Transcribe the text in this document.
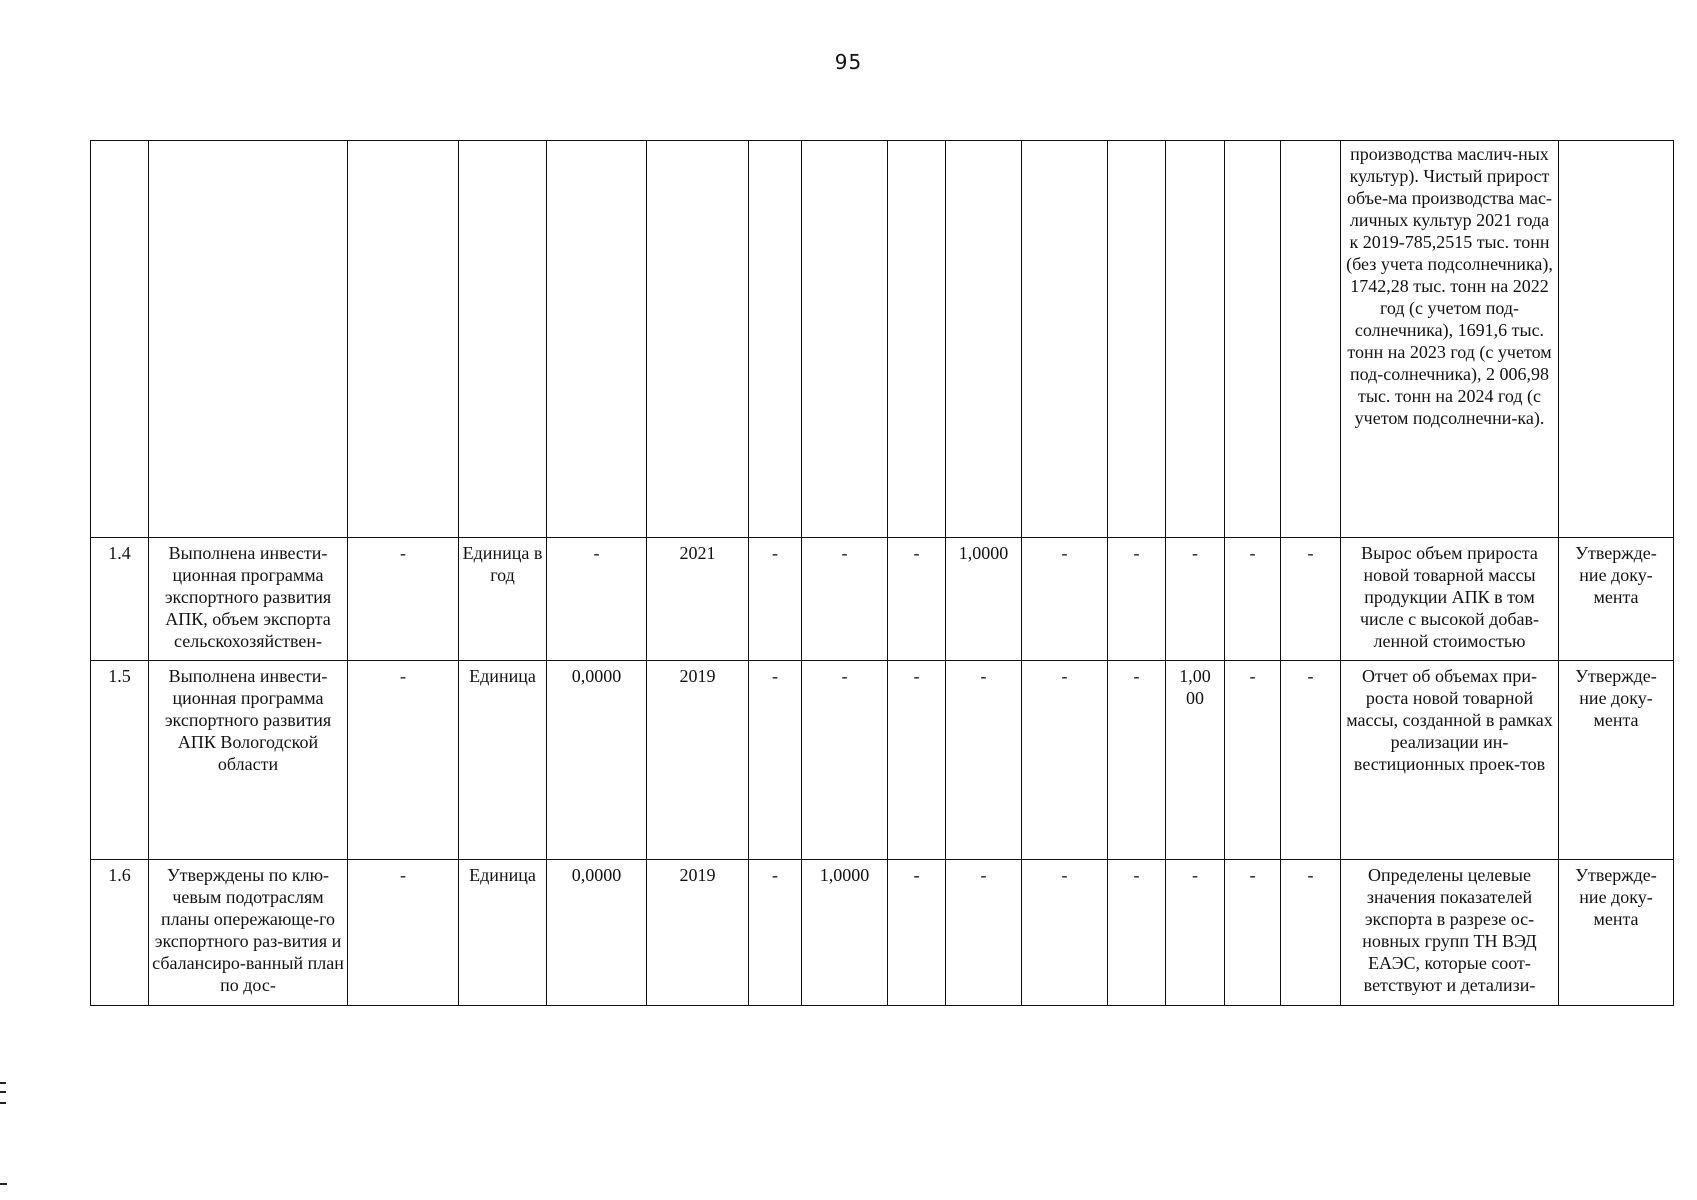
95
															производства маслич-ных культур). Чистый прирост объе-ма производства мас-личных культур 2021 года к 2019-785,2515 тыс. тонн (без учета подсолнечника), 1742,28 тыс. тонн на 2022 год (с учетом под-солнечника), 1691,6 тыс. тонн на 2023 год (с учетом под-солнечника), 2 006,98 тыс. тонн на 2024 год (с учетом подсолнечни-ка).	
1.4	Выполнена инвести-ционная программа экспортного развития АПК, объем экспорта сельскохозяйствен-	-	Единица в год	-	2021	-	-	-	1,0000	-	-	-	-	-	Вырос объем прироста новой товарной массы продукции АПК в том числе с высокой добав-ленной стоимостью	Утвержде-ние доку-мента
1.5	Выполнена инвести-ционная программа экспортного развития АПК Вологодской области	-	Единица	0,0000	2019	-	-	-	-	-	-	1,00 00	-	-	Отчет об объемах при-роста новой товарной массы, созданной в рамках реализации ин-вестиционных проек-тов	Утвержде-ние доку-мента
1.6	Утверждены по клю-чевым подотраслям планы опережающе-го экспортного раз-вития и сбалансиро-ванный план по дос-	-	Единица	0,0000	2019	-	1,0000	-	-	-	-	-	-	-	Определены целевые значения показателей экспорта в разрезе ос-новных групп ТН ВЭД ЕАЭС, которые соот-ветствуют и детализи-	Утвержде-ние доку-мента
